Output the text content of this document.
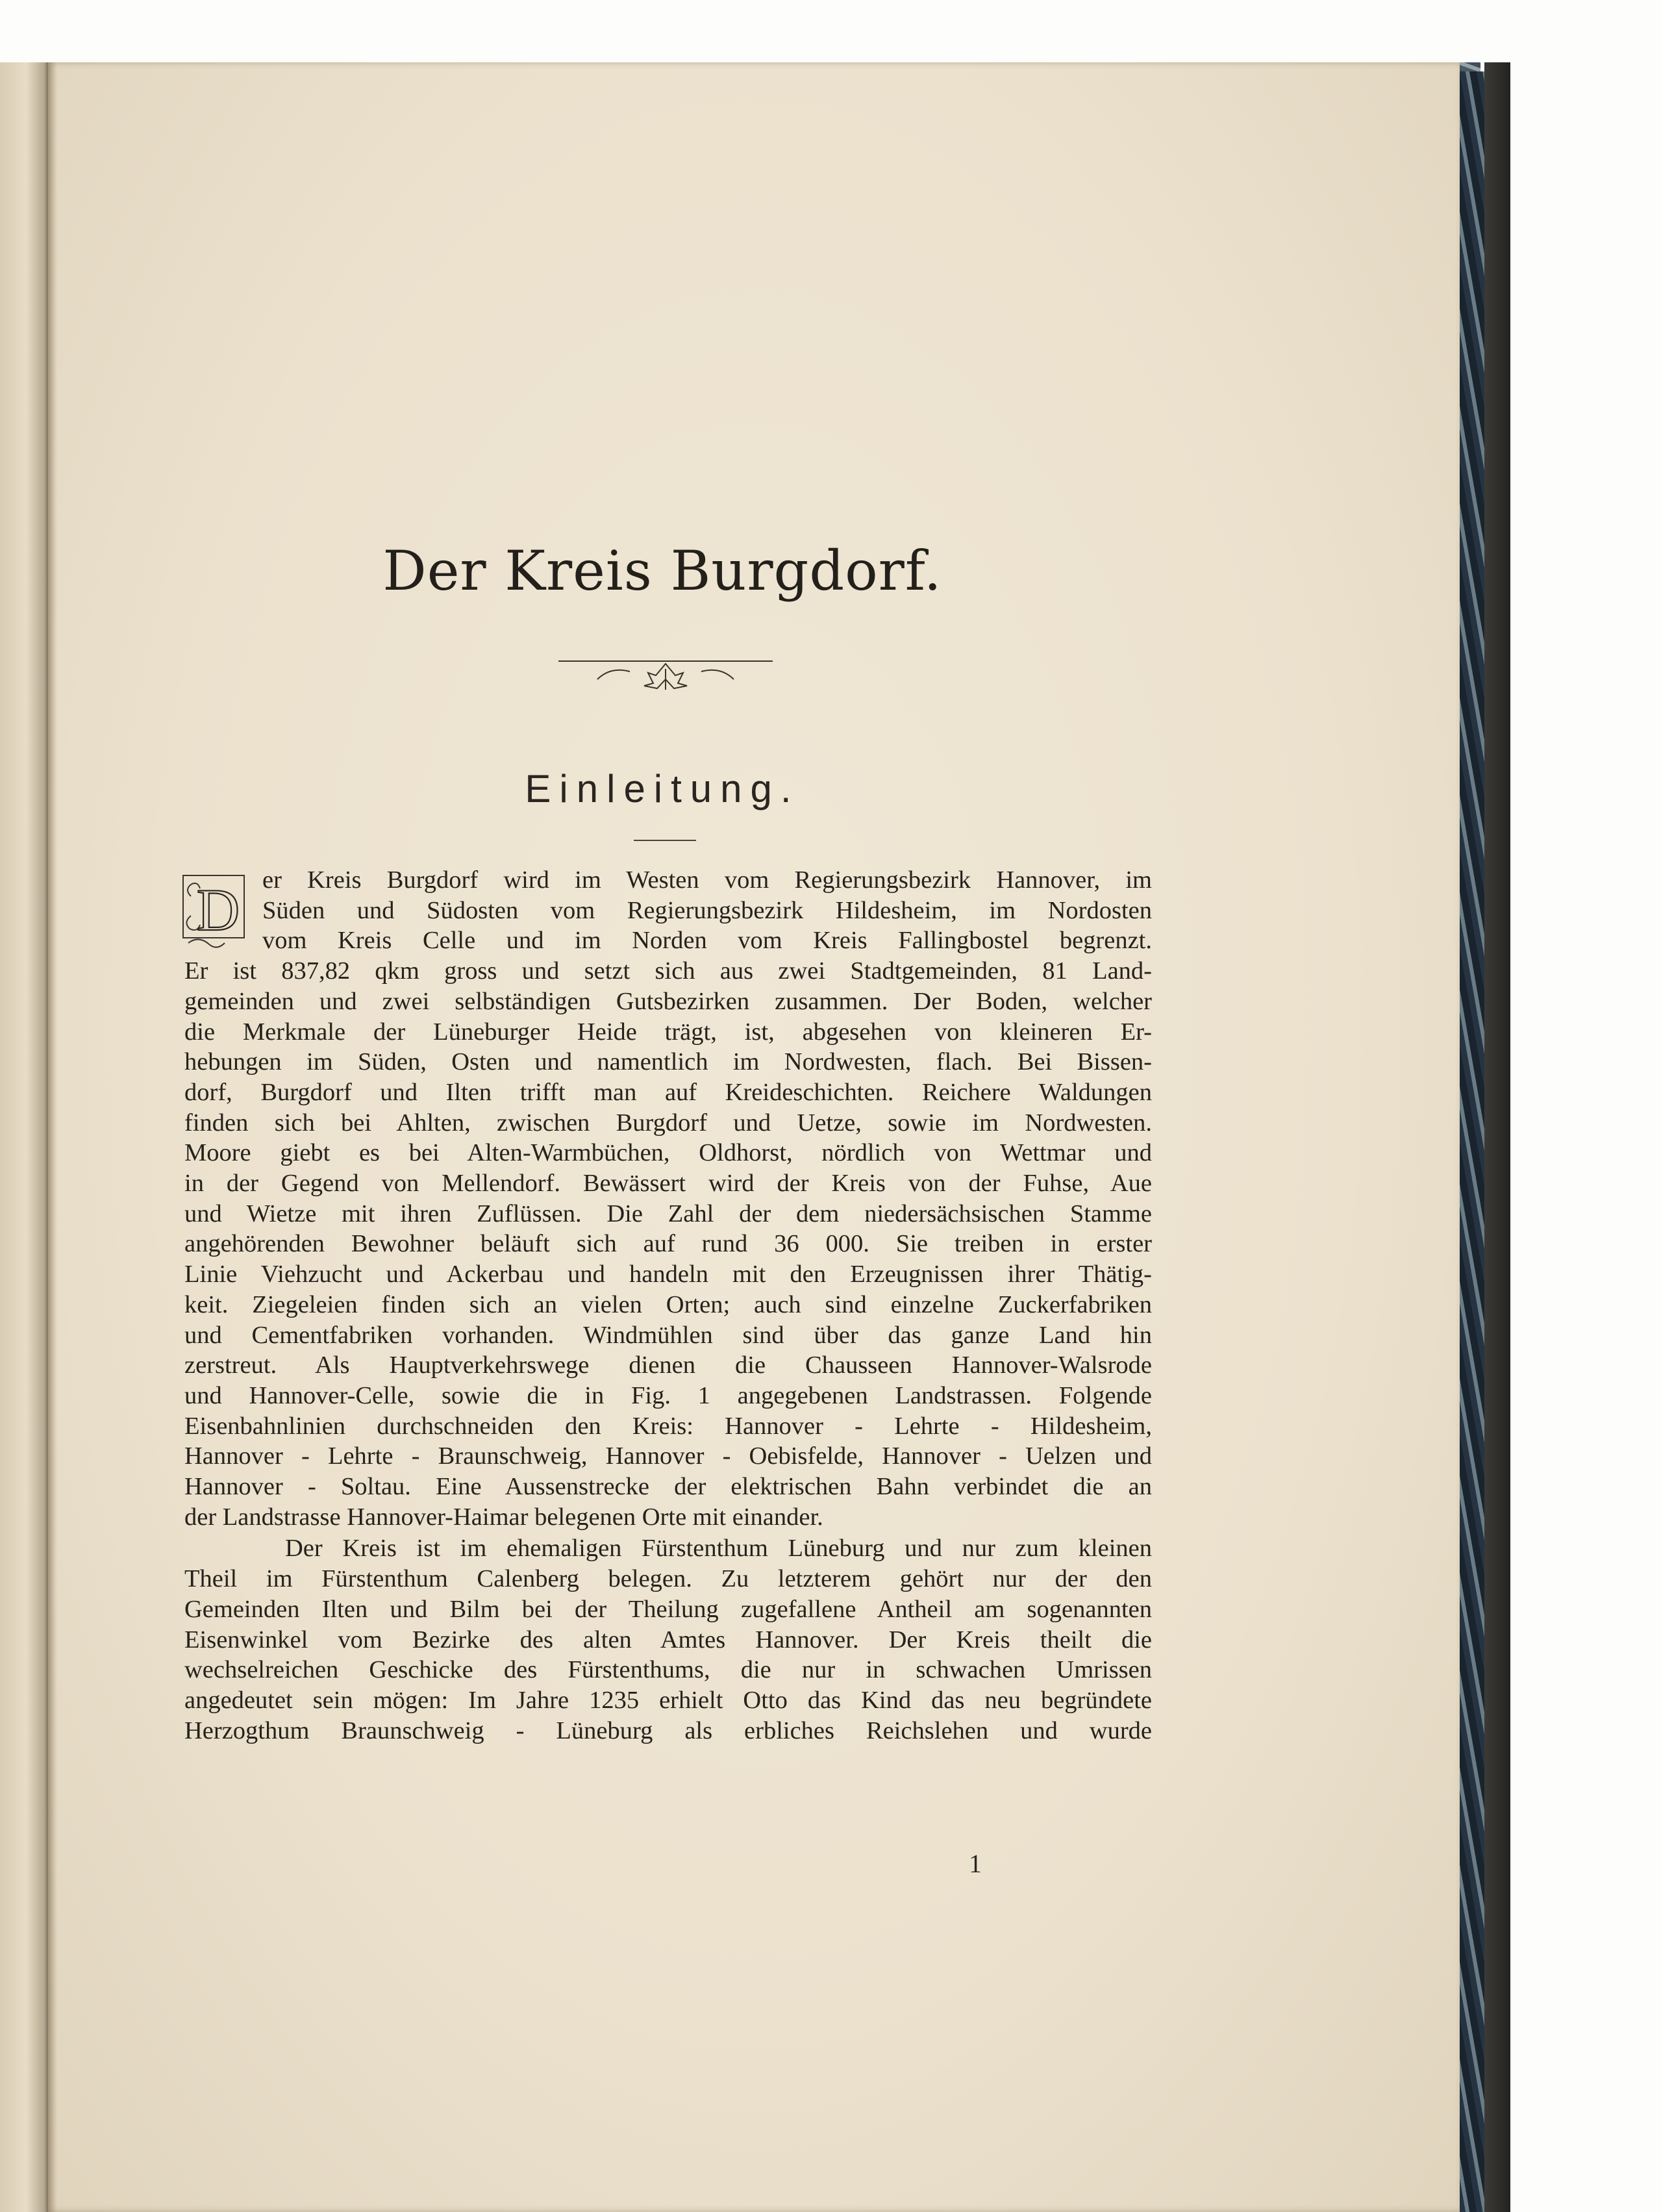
Der Kreis Burgdorf.
Einleitung.
D er Kreis Burgdorf wird im Westen vom Regierungsbezirk Hannover, im
Süden und Südosten vom Regierungsbezirk Hildesheim, im Nordosten
vom Kreis Celle und im Norden vom Kreis Fallingbostel begrenzt.
Er ist 837,82 qkm gross und setzt sich aus zwei Stadtgemeinden, 81 Land-
gemeinden und zwei selbständigen Gutsbezirken zusammen. Der Boden, welcher
die Merkmale der Lüneburger Heide trägt, ist, abgesehen von kleineren Er-
hebungen im Süden, Osten und namentlich im Nordwesten, flach. Bei Bissen-
dorf, Burgdorf und Ilten trifft man auf Kreideschichten. Reichere Waldungen
finden sich bei Ahlten, zwischen Burgdorf und Uetze, sowie im Nordwesten.
Moore giebt es bei Alten-Warmbüchen, Oldhorst, nördlich von Wettmar und
in der Gegend von Mellendorf. Bewässert wird der Kreis von der Fuhse, Aue
und Wietze mit ihren Zuflüssen. Die Zahl der dem niedersächsischen Stamme
angehörenden Bewohner beläuft sich auf rund 36 000. Sie treiben in erster
Linie Viehzucht und Ackerbau und handeln mit den Erzeugnissen ihrer Thätig-
keit. Ziegeleien finden sich an vielen Orten; auch sind einzelne Zuckerfabriken
und Cementfabriken vorhanden. Windmühlen sind über das ganze Land hin
zerstreut. Als Hauptverkehrswege dienen die Chausseen Hannover-Walsrode
und Hannover-Celle, sowie die in Fig. 1 angegebenen Landstrassen. Folgende
Eisenbahnlinien durchschneiden den Kreis: Hannover - Lehrte - Hildesheim,
Hannover - Lehrte - Braunschweig, Hannover - Oebisfelde, Hannover - Uelzen und
Hannover - Soltau. Eine Aussenstrecke der elektrischen Bahn verbindet die an
der Landstrasse Hannover-Haimar belegenen Orte mit einander.
Der Kreis ist im ehemaligen Fürstenthum Lüneburg und nur zum kleinen
Theil im Fürstenthum Calenberg belegen. Zu letzterem gehört nur der den
Gemeinden Ilten und Bilm bei der Theilung zugefallene Antheil am sogenannten
Eisenwinkel vom Bezirke des alten Amtes Hannover. Der Kreis theilt die
wechselreichen Geschicke des Fürstenthums, die nur in schwachen Umrissen
angedeutet sein mögen: Im Jahre 1235 erhielt Otto das Kind das neu begründete
Herzogthum Braunschweig - Lüneburg als erbliches Reichslehen und wurde
1
